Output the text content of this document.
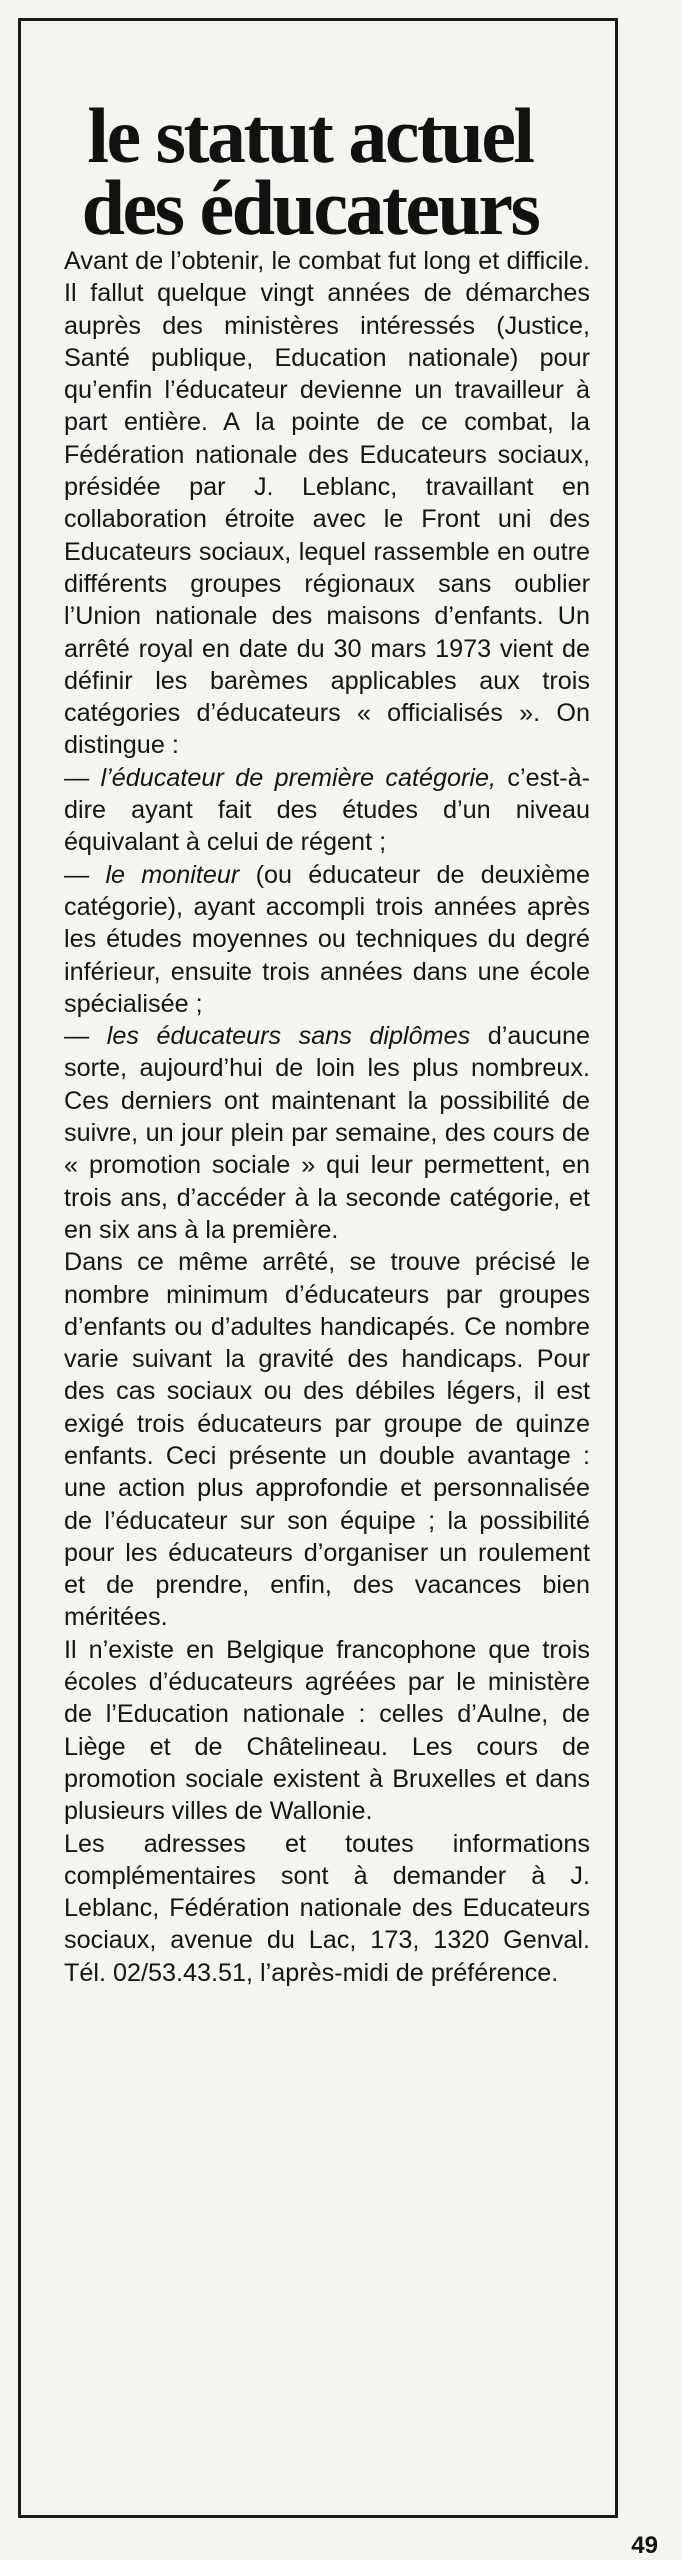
le statut actuel
des éducateurs

Avant de l’obtenir, le combat fut long et difficile. Il fallut quelque vingt années de démarches auprès des ministères intéressés (Justice, Santé publique, Education nationale) pour qu’enfin l’éducateur devienne un travailleur à part entière. A la pointe de ce combat, la Fédération nationale des Educateurs sociaux, présidée par J. Leblanc, travaillant en collaboration étroite avec le Front uni des Educateurs sociaux, lequel rassemble en outre différents groupes régionaux sans oublier l’Union nationale des maisons d’enfants. Un arrêté royal en date du 30 mars 1973 vient de définir les barèmes applicables aux trois catégories d’éducateurs « officialisés ». On distingue :

— l’éducateur de première catégorie, c’est-à-dire ayant fait des études d’un niveau équivalant à celui de régent ;

— le moniteur (ou éducateur de deuxième catégorie), ayant accompli trois années après les études moyennes ou techniques du degré inférieur, ensuite trois années dans une école spécialisée ;

— les éducateurs sans diplômes d’aucune sorte, aujourd’hui de loin les plus nombreux. Ces derniers ont maintenant la possibilité de suivre, un jour plein par semaine, des cours de « promotion sociale » qui leur permettent, en trois ans, d’accéder à la seconde catégorie, et en six ans à la première.

Dans ce même arrêté, se trouve précisé le nombre minimum d’éducateurs par groupes d’enfants ou d’adultes handicapés. Ce nombre varie suivant la gravité des handicaps. Pour des cas sociaux ou des débiles légers, il est exigé trois éducateurs par groupe de quinze enfants. Ceci présente un double avantage : une action plus approfondie et personnalisée de l’éducateur sur son équipe ; la possibilité pour les éducateurs d’organiser un roulement et de prendre, enfin, des vacances bien méritées.

Il n’existe en Belgique francophone que trois écoles d’éducateurs agréées par le ministère de l’Education nationale : celles d’Aulne, de Liège et de Châtelineau. Les cours de promotion sociale existent à Bruxelles et dans plusieurs villes de Wallonie.

Les adresses et toutes informations complémentaires sont à demander à J. Leblanc, Fédération nationale des Educateurs sociaux, avenue du Lac, 173, 1320 Genval. Tél. 02/53.43.51, l’après-midi de préférence.

49
